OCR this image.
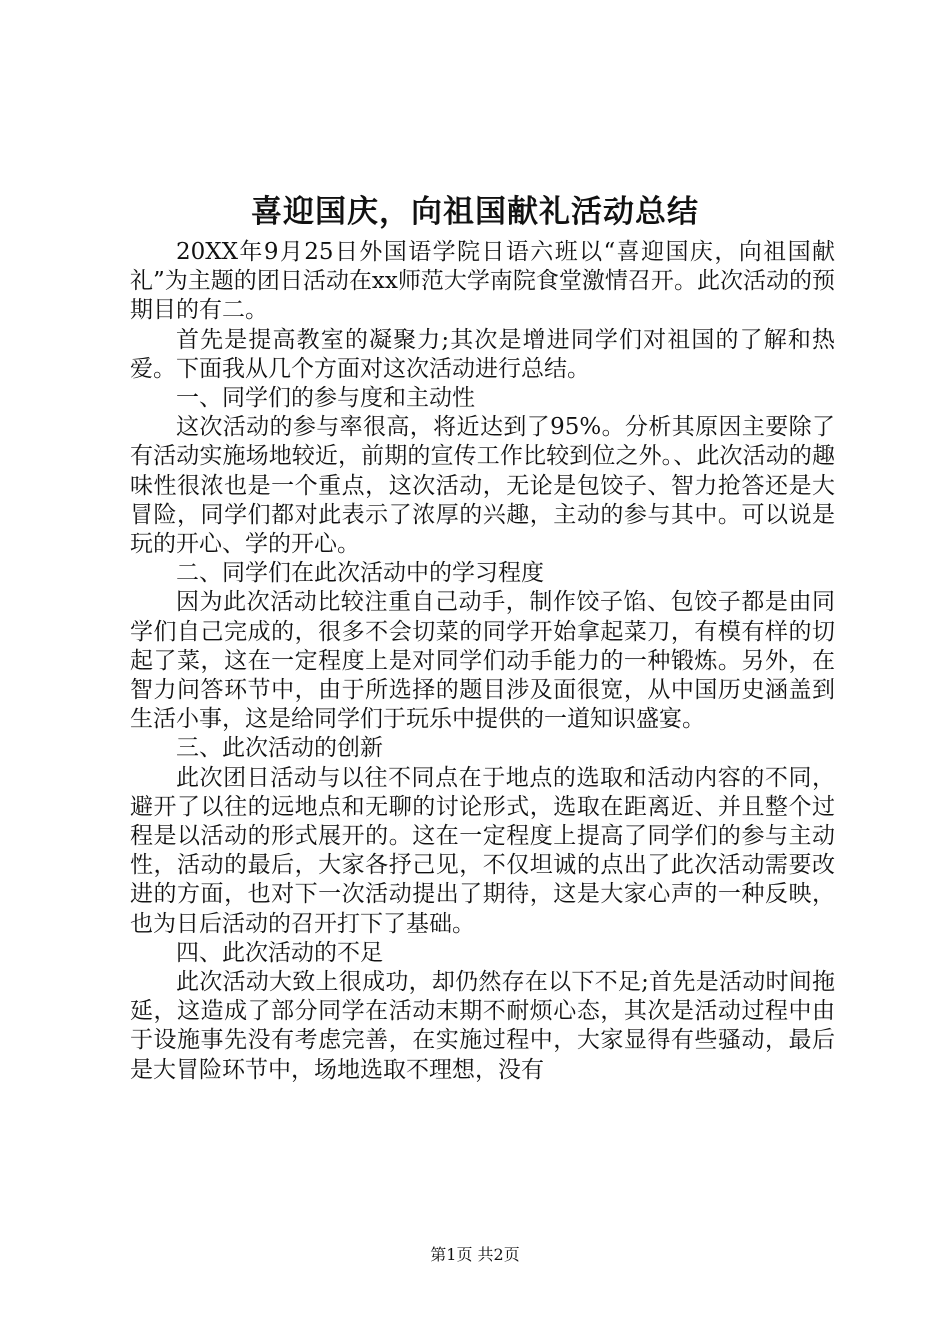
喜迎国庆，向祖国献礼活动总结

20XX年9月25日外国语学院日语六班以“喜迎国庆，向祖国献礼”为主题的团日活动在xx师范大学南院食堂激情召开。此次活动的预期目的有二。

首先是提高教室的凝聚力;其次是增进同学们对祖国的了解和热爱。下面我从几个方面对这次活动进行总结。

一、同学们的参与度和主动性

这次活动的参与率很高，将近达到了95%。分析其原因主要除了有活动实施场地较近，前期的宣传工作比较到位之外。、此次活动的趣味性很浓也是一个重点，这次活动，无论是包饺子、智力抢答还是大冒险，同学们都对此表示了浓厚的兴趣，主动的参与其中。可以说是玩的开心、学的开心。

二、同学们在此次活动中的学习程度

因为此次活动比较注重自己动手，制作饺子馅、包饺子都是由同学们自己完成的，很多不会切菜的同学开始拿起菜刀，有模有样的切起了菜，这在一定程度上是对同学们动手能力的一种锻炼。另外，在智力问答环节中，由于所选择的题目涉及面很宽，从中国历史涵盖到生活小事，这是给同学们于玩乐中提供的一道知识盛宴。

三、此次活动的创新

此次团日活动与以往不同点在于地点的选取和活动内容的不同，避开了以往的远地点和无聊的讨论形式，选取在距离近、并且整个过程是以活动的形式展开的。这在一定程度上提高了同学们的参与主动性，活动的最后，大家各抒己见，不仅坦诚的点出了此次活动需要改进的方面，也对下一次活动提出了期待，这是大家心声的一种反映，也为日后活动的召开打下了基础。

四、此次活动的不足

此次活动大致上很成功，却仍然存在以下不足;首先是活动时间拖延，这造成了部分同学在活动末期不耐烦心态，其次是活动过程中由于设施事先没有考虑完善，在实施过程中，大家显得有些骚动，最后是大冒险环节中，场地选取不理想，没有

第1页 共2页
